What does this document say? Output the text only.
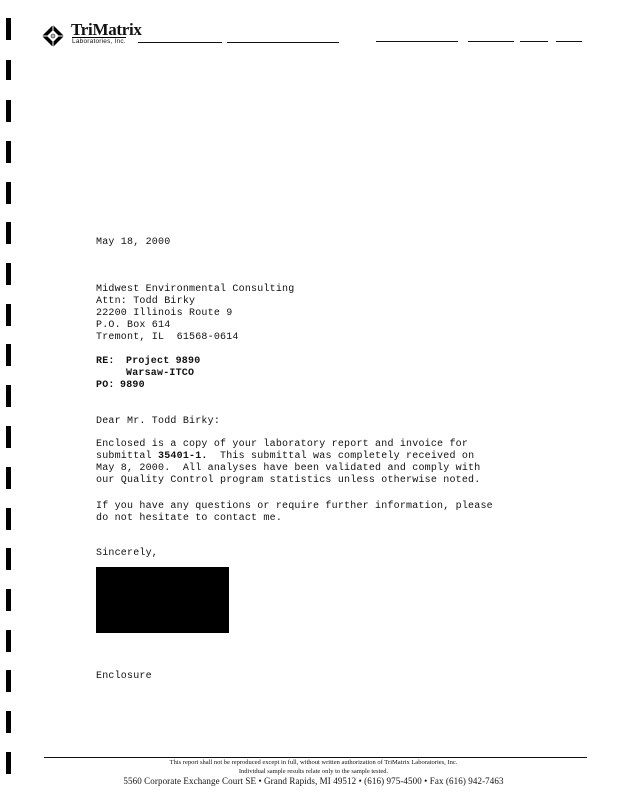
TriMatrix
Laboratories, Inc.
May 18, 2000
Midwest Environmental Consulting
Attn: Todd Birky
22200 Illinois Route 9
P.O. Box 614
Tremont, IL  61568-0614
RE: Project 9890
Warsaw-ITCO
PO: 9890
Dear Mr. Todd Birky:
Enclosed is a copy of your laboratory report and invoice for
submittal 35401-1.  This submittal was completely received on
May 8, 2000.  All analyses have been validated and comply with
our Quality Control program statistics unless otherwise noted.
If you have any questions or require further information, please
do not hesitate to contact me.
Sincerely,
Enclosure
This report shall not be reproduced except in full, without written authorization of TriMatrix Laboratories, Inc.
Individual sample results relate only to the sample tested.
5560 Corporate Exchange Court SE • Grand Rapids, MI 49512 • (616) 975-4500 • Fax (616) 942-7463
